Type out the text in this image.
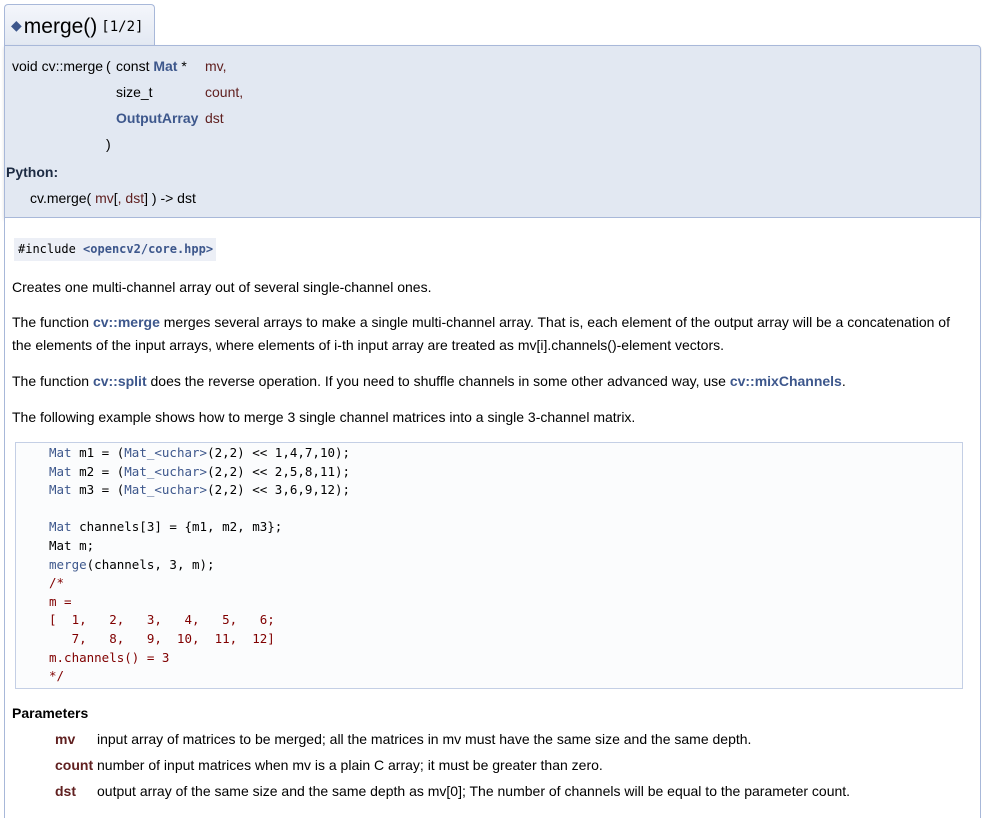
◆merge() [1/2]
void cv::merge ( const Mat * mv,
size_t	count,
OutputArray dst
)
Python:
cv.merge( mv[, dst] ) -> dst
#include <opencv2/core.hpp>
Creates one multi-channel array out of several single-channel ones.
The function cv::merge merges several arrays to make a single multi-channel array. That is, each element of the output array will be a concatenation of the elements of the input arrays, where elements of i-th input array are treated as mv[i].channels()-element vectors.
The function cv::split does the reverse operation. If you need to shuffle channels in some other advanced way, use cv::mixChannels.
The following example shows how to merge 3 single channel matrices into a single 3-channel matrix.
Mat m1 = (Mat_<uchar>(2,2) << 1,4,7,10);
Mat m2 = (Mat_<uchar>(2,2) << 2,5,8,11);
Mat m3 = (Mat_<uchar>(2,2) << 3,6,9,12);
Mat channels[3] = {m1, m2, m3};
Mat m;
merge(channels, 3, m);
/*
m =
[  1,   2,   3,   4,   5,   6;
7,   8,   9,  10,  11,  12]
m.channels() = 3
*/
Parameters
mv input array of matrices to be merged; all the matrices in mv must have the same size and the same depth.
count number of input matrices when mv is a plain C array; it must be greater than zero.
dst output array of the same size and the same depth as mv[0]; The number of channels will be equal to the parameter count.
